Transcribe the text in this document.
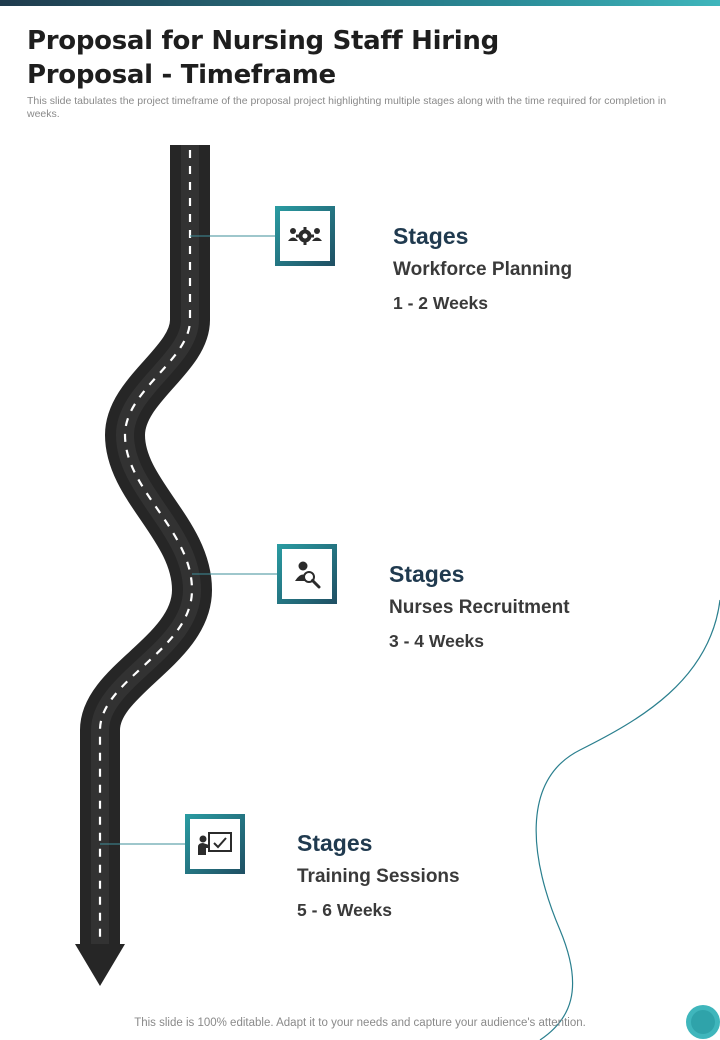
Proposal for Nursing Staff Hiring Proposal - Timeframe

This slide tabulates the project timeframe of the proposal project highlighting multiple stages along with the time required for completion in weeks.

Stages
Workforce Planning
1 - 2 Weeks
Stages
Nurses Recruitment
3 - 4 Weeks
Stages
Training Sessions
5 - 6 Weeks
This slide is 100% editable. Adapt it to your needs and capture your audience's attention.
